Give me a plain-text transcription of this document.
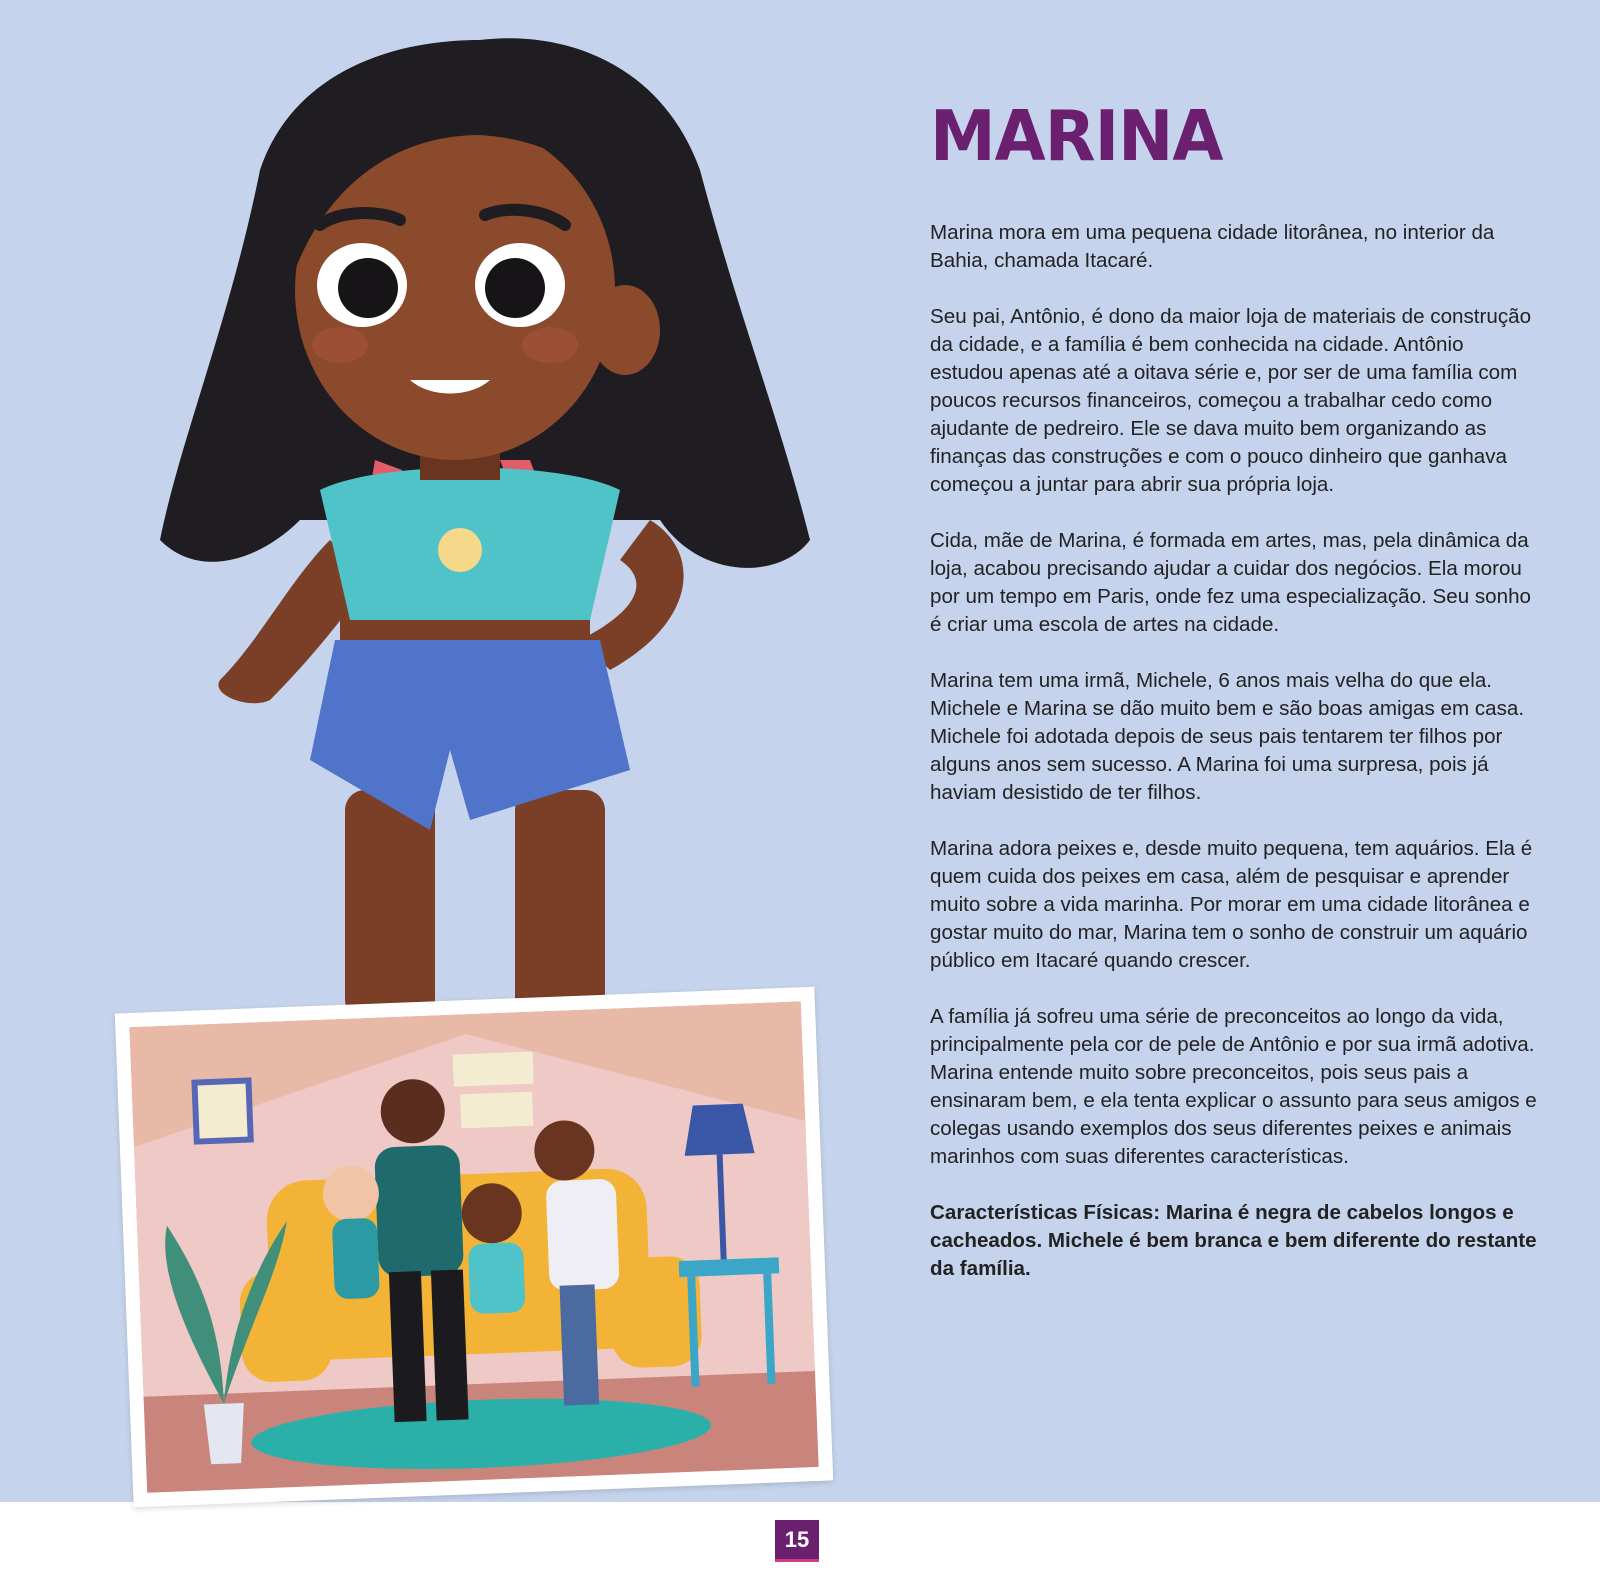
MARINA

Marina mora em uma pequena cidade litorânea, no interior da Bahia, chamada Itacaré.

Seu pai, Antônio, é dono da maior loja de materiais de construção da cidade, e a família é bem conhecida na cidade. Antônio estudou apenas até a oitava série e, por ser de uma família com poucos recursos financeiros, começou a trabalhar cedo como ajudante de pedreiro. Ele se dava muito bem organizando as finanças das construções e com o pouco dinheiro que ganhava começou a juntar para abrir sua própria loja.

Cida, mãe de Marina, é formada em artes, mas, pela dinâmica da loja, acabou precisando ajudar a cuidar dos negócios. Ela morou por um tempo em Paris, onde fez uma especialização. Seu sonho é criar uma escola de artes na cidade.

Marina tem uma irmã, Michele, 6 anos mais velha do que ela. Michele e Marina se dão muito bem e são boas amigas em casa. Michele foi adotada depois de seus pais tentarem ter filhos por alguns anos sem sucesso. A Marina foi uma surpresa, pois já haviam desistido de ter filhos.

Marina adora peixes e, desde muito pequena, tem aquários. Ela é quem cuida dos peixes em casa, além de pesquisar e aprender muito sobre a vida marinha. Por morar em uma cidade litorânea e gostar muito do mar, Marina tem o sonho de construir um aquário público em Itacaré quando crescer.

A família já sofreu uma série de preconceitos ao longo da vida, principalmente pela cor de pele de Antônio e por sua irmã adotiva. Marina entende muito sobre preconceitos, pois seus pais a ensinaram bem, e ela tenta explicar o assunto para seus amigos e colegas usando exemplos dos seus diferentes peixes e animais marinhos com suas diferentes características.

Características Físicas: Marina é negra de cabelos longos e cacheados. Michele é bem branca e bem diferente do restante da família.

15
